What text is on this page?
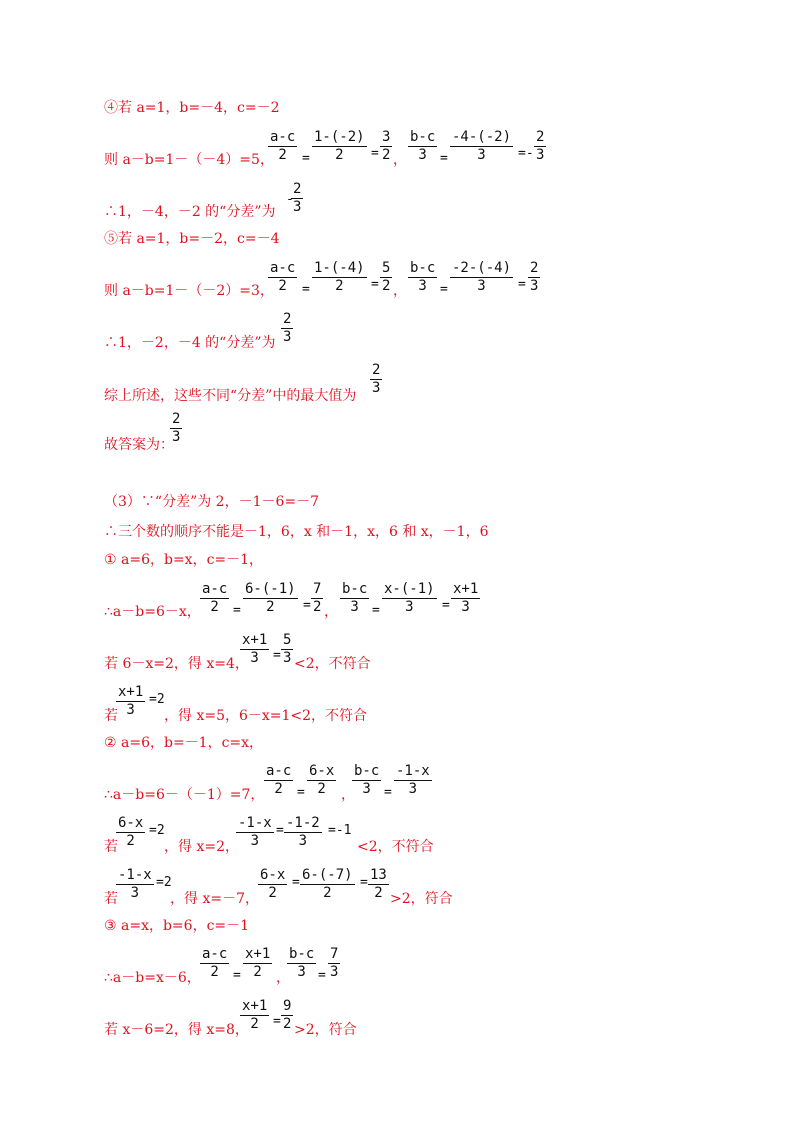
④若 a=1，b=－4，c=－2
则 a－b=1－（－4）=5，
$\frac{a-c}{2} = \frac{1-(-2)}{2} = \frac{3}{2}$ ， $\frac{b-c}{3} = \frac{-4-(-2)}{3} =- \frac{2}{3}$
∴1，－4，－2 的“分差”为
-
$\frac{2}{3}$
⑤若 a=1，b=－2，c=－4
则 a－b=1－（－2）=3，
$\frac{a-c}{2} = \frac{1-(-4)}{2} = \frac{5}{2}$ ， $\frac{b-c}{3} = \frac{-2-(-4)}{3} = \frac{2}{3}$
∴1，－2，－4 的“分差”为 $\frac{2}{3}$
综上所述，这些不同“分差”中的最大值为 $\frac{2}{3}$
故答案为：
$\frac{2}{3}$
（3）∵“分差”为 2，－1－6=－7
∴三个数的顺序不能是－1，6，x 和－1，x，6 和 x，－1，6
① a=6，b=x，c=－1，
∴a－b=6－x， $\frac{a-c}{2} = \frac{6-(-1)}{2} = \frac{7}{2}$ ， $\frac{b-c}{3} = \frac{x-(-1)}{3} = \frac{x+1}{3}$
若 6－x=2，得 x=4，
$\frac{x+1}{3} = \frac{5}{3} <2$，不符合
若
$\frac{x+1}{3} =2$
，得 x=5，6－x=1<2，不符合
② a=6，b=－1，c=x，
∴a－b=6－（－1）=7， $\frac{a-c}{2} = \frac{6-x}{2}$ ，
$\frac{b-c}{3} = \frac{-1-x}{3}$
若
$\frac{6-x}{2} =2$
，得 x=2，
$\frac{-1-x}{3} = \frac{-1-2}{3} =-1$
<2，不符合
若
$\frac{-1-x}{3} =2$
，得 x=－7， $\frac{6-x}{2} = \frac{6-(-7)}{2} = \frac{13}{2} >2$，符合
③ a=x，b=6，c=－1
∴a－b=x－6， $\frac{a-c}{2} = \frac{x+1}{2}$ ，
$\frac{b-c}{3} = \frac{7}{3}$
若 x－6=2，得 x=8，
$\frac{x+1}{2} = \frac{9}{2} >2$，符合
